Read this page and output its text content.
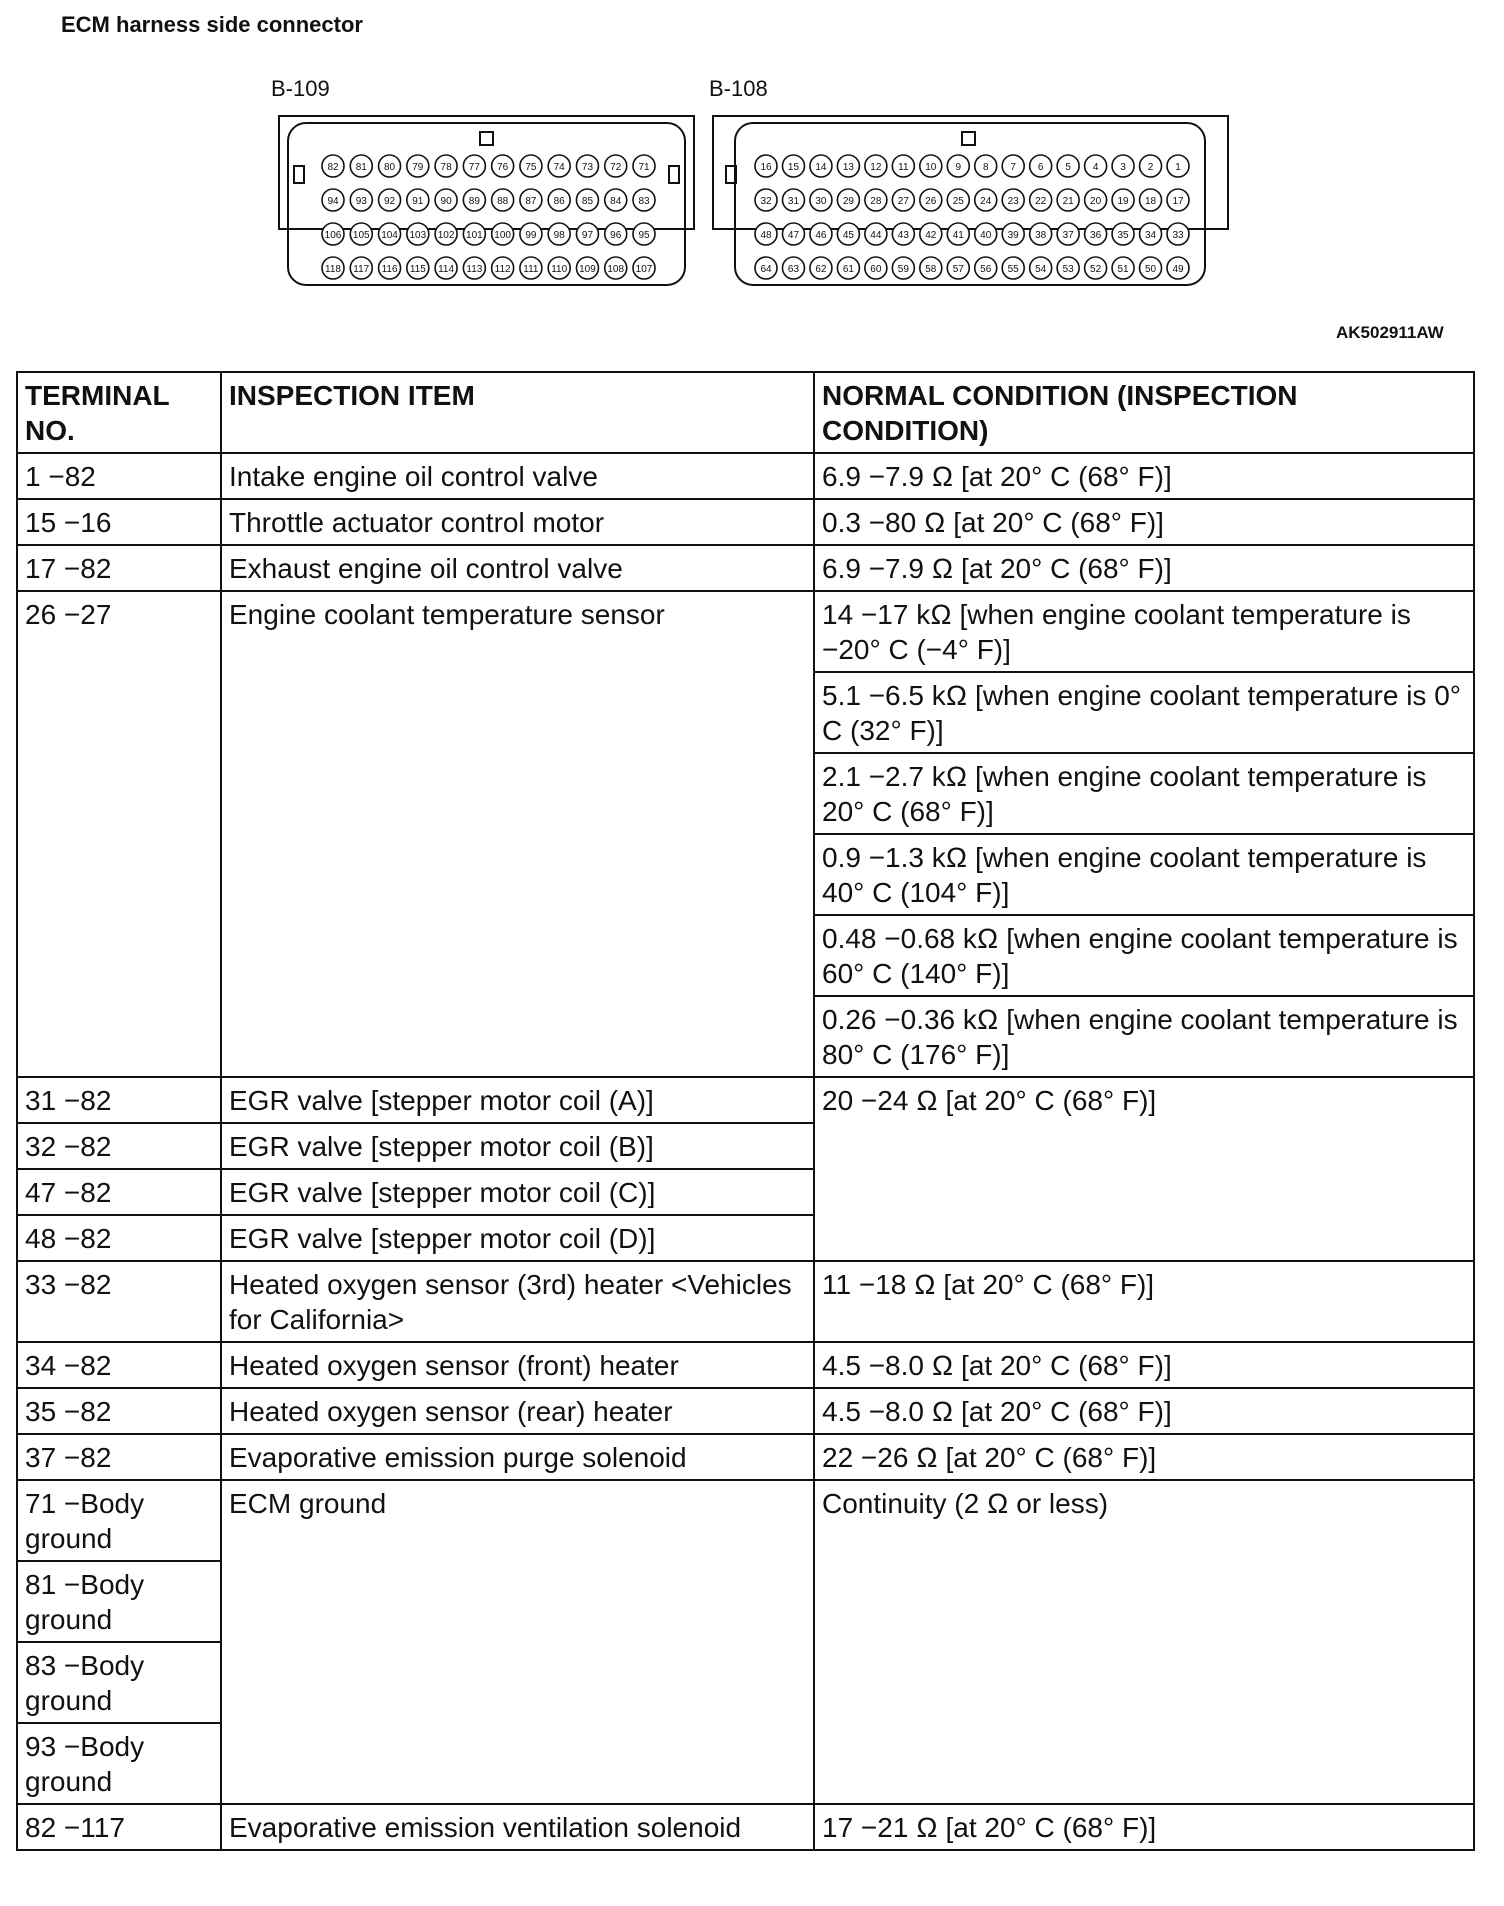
ECM harness side connector
B-109	B-108
82 81 80 79 78 77 76 75 74 73 72 71
94 93 92 91 90 89 88 87 86 85 84 83
106 105 104 103 102 101 100 99 98 97 96 95
118 117 116 115 114 113 112 111 110 109 108 107
16 15 14 13 12 11 10 9 8 7 6 5 4 3 2 1
32 31 30 29 28 27 26 25 24 23 22 21 20 19 18 17
48 47 46 45 44 43 42 41 40 39 38 37 36 35 34 33
64 63 62 61 60 59 58 57 56 55 54 53 52 51 50 49
AK502911AW
TERMINAL NO.	INSPECTION ITEM	NORMAL CONDITION (INSPECTION CONDITION)
1 −82	Intake engine oil control valve	6.9 −7.9 Ω [at 20° C (68° F)]
15 −16	Throttle actuator control motor	0.3 −80 Ω [at 20° C (68° F)]
17 −82	Exhaust engine oil control valve	6.9 −7.9 Ω [at 20° C (68° F)]
26 −27	Engine coolant temperature sensor	14 −17 kΩ [when engine coolant temperature is −20° C (−4° F)]
		5.1 −6.5 kΩ [when engine coolant temperature is 0° C (32° F)]
		2.1 −2.7 kΩ [when engine coolant temperature is 20° C (68° F)]
		0.9 −1.3 kΩ [when engine coolant temperature is 40° C (104° F)]
		0.48 −0.68 kΩ [when engine coolant temperature is 60° C (140° F)]
		0.26 −0.36 kΩ [when engine coolant temperature is 80° C (176° F)]
31 −82	EGR valve [stepper motor coil (A)]	20 −24 Ω [at 20° C (68° F)]
32 −82	EGR valve [stepper motor coil (B)]	
47 −82	EGR valve [stepper motor coil (C)]	
48 −82	EGR valve [stepper motor coil (D)]	
33 −82	Heated oxygen sensor (3rd) heater <Vehicles for California>	11 −18 Ω [at 20° C (68° F)]
34 −82	Heated oxygen sensor (front) heater	4.5 −8.0 Ω [at 20° C (68° F)]
35 −82	Heated oxygen sensor (rear) heater	4.5 −8.0 Ω [at 20° C (68° F)]
37 −82	Evaporative emission purge solenoid	22 −26 Ω [at 20° C (68° F)]
71 −Body ground	ECM ground	Continuity (2 Ω or less)
81 −Body ground		
83 −Body ground		
93 −Body ground		
82 −117	Evaporative emission ventilation solenoid	17 −21 Ω [at 20° C (68° F)]
